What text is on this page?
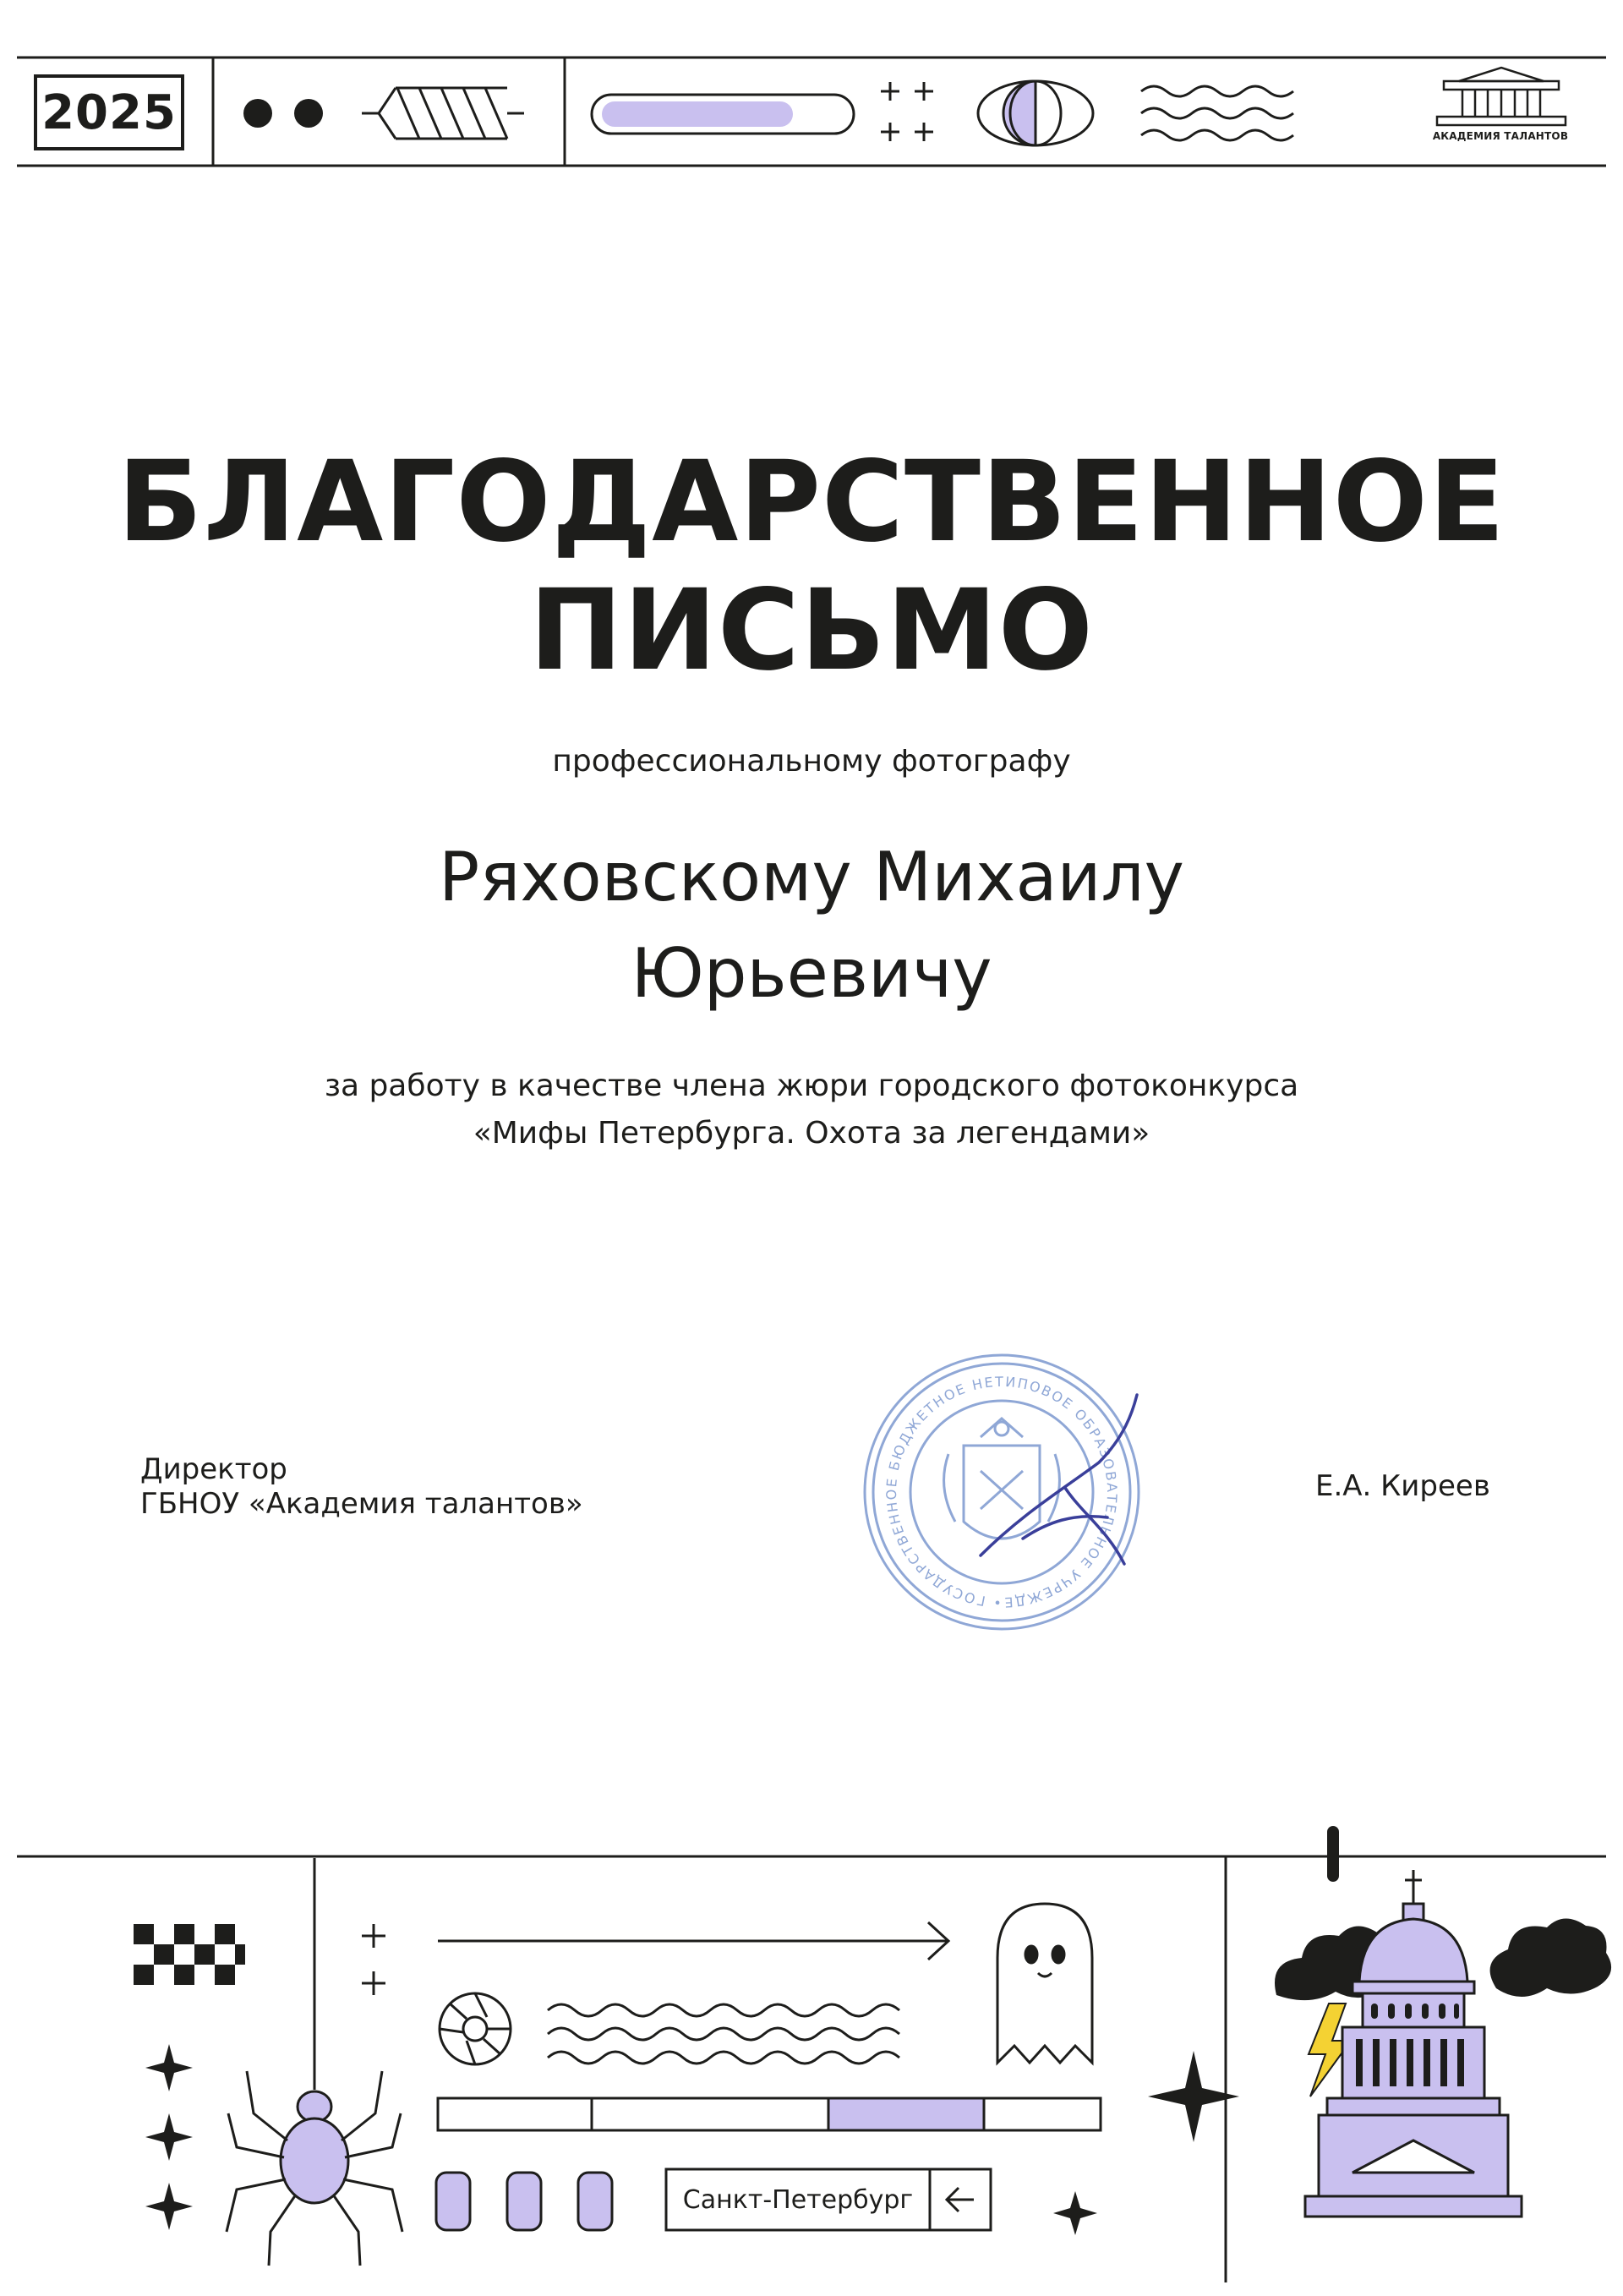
2025	АКАДЕМИЯ ТАЛАНТОВ
БЛАГОДАРСТВЕННОЕ
ПИСЬМО
профессиональному фотографу
Ряховскому Михаилу
Юрьевичу
за работу в качестве члена жюри городского фотоконкурса
«Мифы Петербурга. Охота за легендами»
Директор
ГБНОУ «Академия талантов»
Е.А. Киреев
• ГОСУДАРСТВЕННОЕ БЮДЖЕТНОЕ НЕТИПОВОЕ ОБРАЗОВАТЕЛЬНОЕ УЧРЕЖДЕНИЕ • САНКТ-ПЕТЕРБУРГ •
Санкт-Петербург
